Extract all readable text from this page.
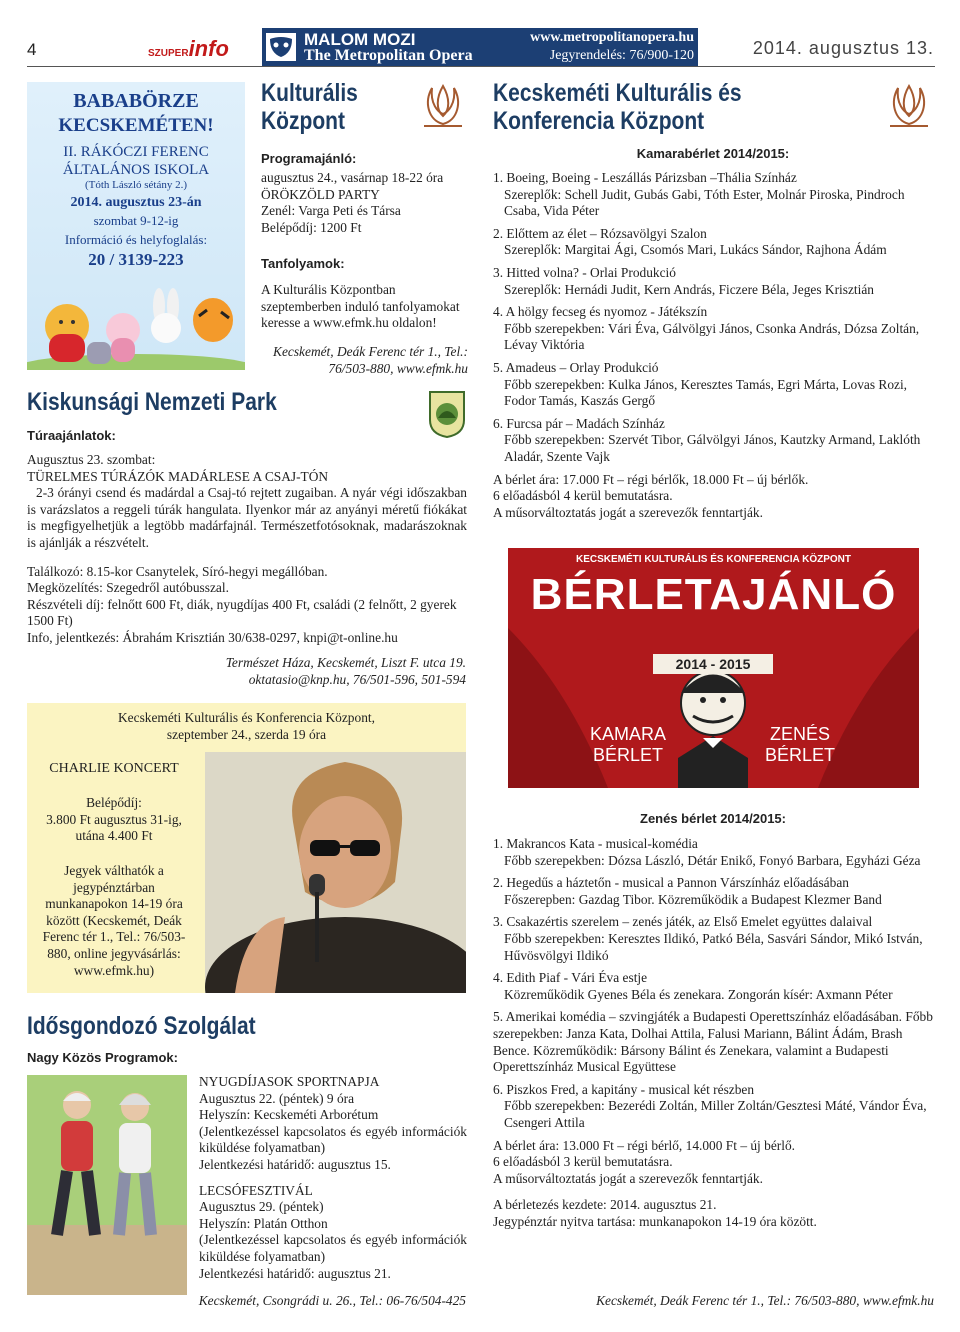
4	SZUPERinfo	MALOM MOZI
The Metropolitan Opera
www.metropolitanopera.hu
Jegyrendelés: 76/900-120	2014. augusztus 13.
BABABÖRZE
KECSKEMÉTEN!
II. RÁKÓCZI FERENC
ÁLTALÁNOS ISKOLA
(Tóth László sétány 2.)
2014. augusztus 23-án
szombat 9-12-ig
Információ és helyfoglalás:
20 / 3139-223
Kulturális
Központ
Programajánló:
augusztus 24., vasárnap 18-22 óra
ÖRÖKZÖLD PARTY
Zenél: Varga Peti és Társa
Belépődíj: 1200 Ft
Tanfolyamok:
A Kulturális Központban szeptemberben induló tanfolyamokat keresse a www.efmk.hu oldalon!
Kecskemét, Deák Ferenc tér 1., Tel.: 76/503-880, www.efmk.hu
Kiskunsági Nemzeti Park
Túraajánlatok:
Augusztus 23. szombat:
TÜRELMES TÚRÁZÓK MADÁRLESE A CSAJ-TÓN
2-3 órányi csend és madárdal a Csaj-tó rejtett zugaiban. A nyár végi időszakban is varázslatos a reggeli túrák hangulata. Ilyenkor már az anyányi méretű fiókákat is megfigyelhetjük a legtöbb madárfajnál. Természetfotósoknak, madarászoknak is ajánlják a részvételt.
Találkozó: 8.15-kor Csanytelek, Síró-hegyi megállóban.
Megközelítés: Szegedről autóbusszal.
Részvételi díj: felnőtt 600 Ft, diák, nyugdíjas 400 Ft, családi (2 felnőtt, 2 gyerek 1500 Ft)
Info, jelentkezés: Ábrahám Krisztián 30/638-0297, knpi@t-online.hu
Természet Háza, Kecskemét, Liszt F. utca 19.
oktatasio@knp.hu, 76/501-596, 501-594
Kecskeméti Kulturális és Konferencia Központ,
szeptember 24., szerda 19 óra
CHARLIE KONCERT
Belépődíj:
3.800 Ft augusztus 31-ig,
utána 4.400 Ft
Jegyek válthatók a jegypénztárban munkanapokon 14-19 óra között (Kecskemét, Deák Ferenc tér 1., Tel.: 76/503-880, online jegyvásárlás: www.efmk.hu)
Idősgondozó Szolgálat
Nagy Közös Programok:
NYUGDÍJASOK SPORTNAPJA
Augusztus 22. (péntek) 9 óra
Helyszín: Kecskeméti Arborétum
(Jelentkezéssel kapcsolatos és egyéb információk kiküldése folyamatban)
Jelentkezési határidő: augusztus 15.
LECSÓFESZTIVÁL
Augusztus 29. (péntek)
Helyszín: Platán Otthon
(Jelentkezéssel kapcsolatos és egyéb információk kiküldése folyamatban)
Jelentkezési határidő: augusztus 21.
Kecskemét, Csongrádi u. 26., Tel.: 06-76/504-425
Kecskeméti Kulturális és
Konferencia Központ
Kamarabérlet 2014/2015:
1. Boeing, Boeing - Leszállás Párizsban –Thália Színház
Szereplők: Schell Judit, Gubás Gabi, Tóth Ester, Molnár Piroska, Pindroch Csaba, Vida Péter
2. Előttem az élet – Rózsavölgyi Szalon
Szereplők: Margitai Ági, Csomós Mari, Lukács Sándor, Rajhona Ádám
3. Hitted volna? - Orlai Produkció
Szereplők: Hernádi Judit, Kern András, Ficzere Béla, Jeges Krisztián
4. A hölgy fecseg és nyomoz - Játékszín
Főbb szerepekben: Vári Éva, Gálvölgyi János, Csonka András, Dózsa Zoltán, Lévay Viktória
5. Amadeus – Orlay Produkció
Főbb szerepekben: Kulka János, Keresztes Tamás, Egri Márta, Lovas Rozi, Fodor Tamás, Kaszás Gergő
6. Furcsa pár – Madách Színház
Főbb szerepekben: Szervét Tibor, Gálvölgyi János, Kautzky Armand, Laklóth Aladár, Szente Vajk
A bérlet ára: 17.000 Ft – régi bérlők, 18.000 Ft – új bérlők.
6 előadásból 4 kerül bemutatásra.
A műsorváltoztatás jogát a szerevezők fenntartják.
KECSKEMÉTI KULTURÁLIS ÉS KONFERENCIA KÖZPONT
BÉRLETAJÁNLÓ
2014 - 2015
KAMARA
BÉRLET
ZENÉS
BÉRLET
Zenés bérlet 2014/2015:
1. Makrancos Kata - musical-komédia
Főbb szerepekben: Dózsa László, Détár Enikő, Fonyó Barbara, Egyházi Géza
2. Hegedűs a háztetőn - musical a Pannon Várszínház előadásában
Főszerepben: Gazdag Tibor. Közreműködik a Budapest Klezmer Band
3. Csakazértis szerelem – zenés játék, az Első Emelet együttes dalaival
Főbb szerepekben: Keresztes Ildikó, Patkó Béla, Sasvári Sándor, Mikó István, Hűvösvölgyi Ildikó
4. Edith Piaf - Vári Éva estje
Közreműködik Gyenes Béla és zenekara. Zongorán kísér: Axmann Péter
5. Amerikai komédia – szvingjáték a Budapesti Operettszínház előadásában. Főbb szerepekben: Janza Kata, Dolhai Attila, Falusi Mariann, Bálint Ádám, Brash Bence. Közreműködik: Bársony Bálint és Zenekara, valamint a Budapesti Operettszínház Musical Együttese
6. Piszkos Fred, a kapitány - musical két részben
Főbb szerepekben: Bezerédi Zoltán, Miller Zoltán/Gesztesi Máté, Vándor Éva, Csengeri Attila
A bérlet ára: 13.000 Ft – régi bérlő, 14.000 Ft – új bérlő.
6 előadásból 3 kerül bemutatásra.
A műsorváltoztatás jogát a szerevezők fenntartják.
A bérletezés kezdete: 2014. augusztus 21.
Jegypénztár nyitva tartása: munkanapokon 14-19 óra között.
Kecskemét, Deák Ferenc tér 1., Tel.: 76/503-880, www.efmk.hu
